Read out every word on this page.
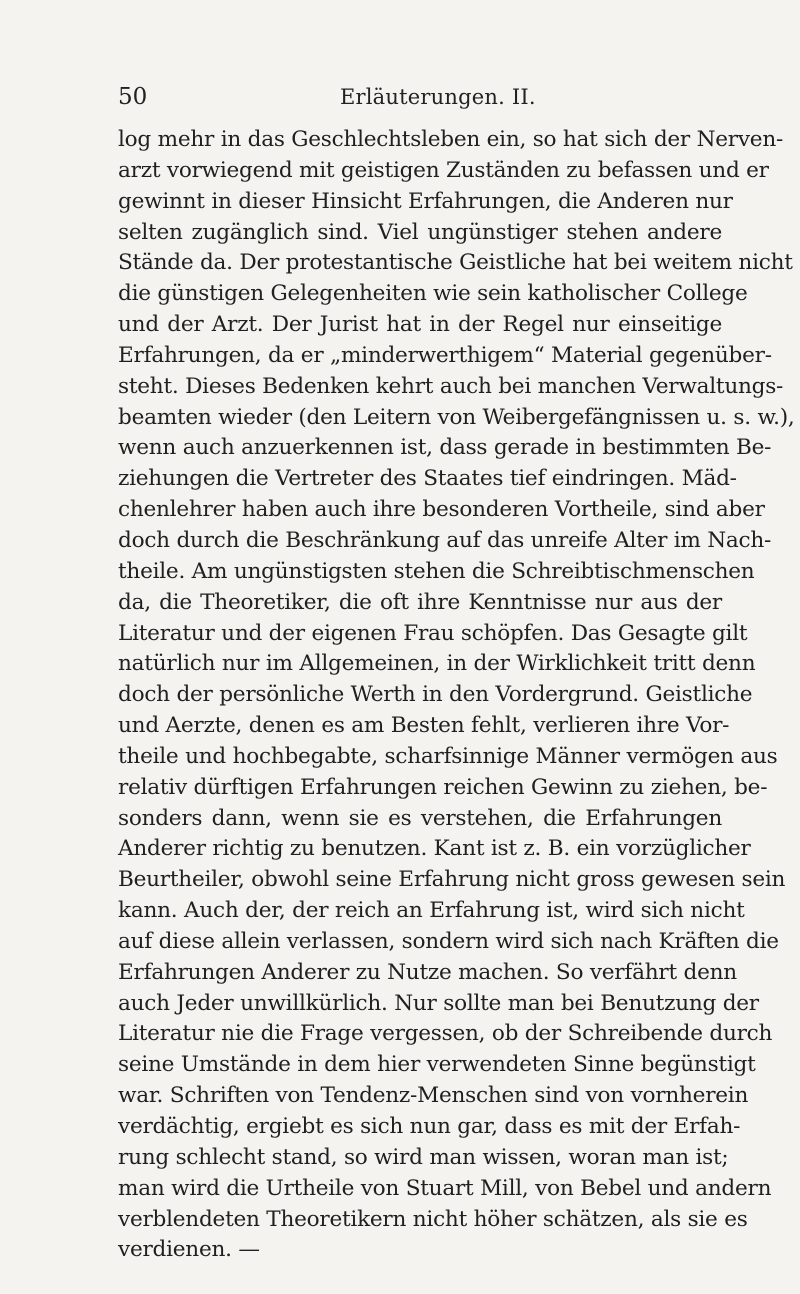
50	Erläuterungen. II.
log mehr in das Geschlechtsleben ein, so hat sich der Nerven-
arzt vorwiegend mit geistigen Zuständen zu befassen und er
gewinnt in dieser Hinsicht Erfahrungen, die Anderen nur
selten zugänglich sind. Viel ungünstiger stehen andere
Stände da. Der protestantische Geistliche hat bei weitem nicht
die günstigen Gelegenheiten wie sein katholischer College
und der Arzt. Der Jurist hat in der Regel nur einseitige
Erfahrungen, da er „minderwerthigem“ Material gegenüber-
steht. Dieses Bedenken kehrt auch bei manchen Verwaltungs-
beamten wieder (den Leitern von Weibergefängnissen u. s. w.),
wenn auch anzuerkennen ist, dass gerade in bestimmten Be-
ziehungen die Vertreter des Staates tief eindringen. Mäd-
chenlehrer haben auch ihre besonderen Vortheile, sind aber
doch durch die Beschränkung auf das unreife Alter im Nach-
theile. Am ungünstigsten stehen die Schreibtischmenschen
da, die Theoretiker, die oft ihre Kenntnisse nur aus der
Literatur und der eigenen Frau schöpfen. Das Gesagte gilt
natürlich nur im Allgemeinen, in der Wirklichkeit tritt denn
doch der persönliche Werth in den Vordergrund. Geistliche
und Aerzte, denen es am Besten fehlt, verlieren ihre Vor-
theile und hochbegabte, scharfsinnige Männer vermögen aus
relativ dürftigen Erfahrungen reichen Gewinn zu ziehen, be-
sonders dann, wenn sie es verstehen, die Erfahrungen
Anderer richtig zu benutzen. Kant ist z. B. ein vorzüglicher
Beurtheiler, obwohl seine Erfahrung nicht gross gewesen sein
kann. Auch der, der reich an Erfahrung ist, wird sich nicht
auf diese allein verlassen, sondern wird sich nach Kräften die
Erfahrungen Anderer zu Nutze machen. So verfährt denn
auch Jeder unwillkürlich. Nur sollte man bei Benutzung der
Literatur nie die Frage vergessen, ob der Schreibende durch
seine Umstände in dem hier verwendeten Sinne begünstigt
war. Schriften von Tendenz-Menschen sind von vornherein
verdächtig, ergiebt es sich nun gar, dass es mit der Erfah-
rung schlecht stand, so wird man wissen, woran man ist;
man wird die Urtheile von Stuart Mill, von Bebel und andern
verblendeten Theoretikern nicht höher schätzen, als sie es
verdienen. —
